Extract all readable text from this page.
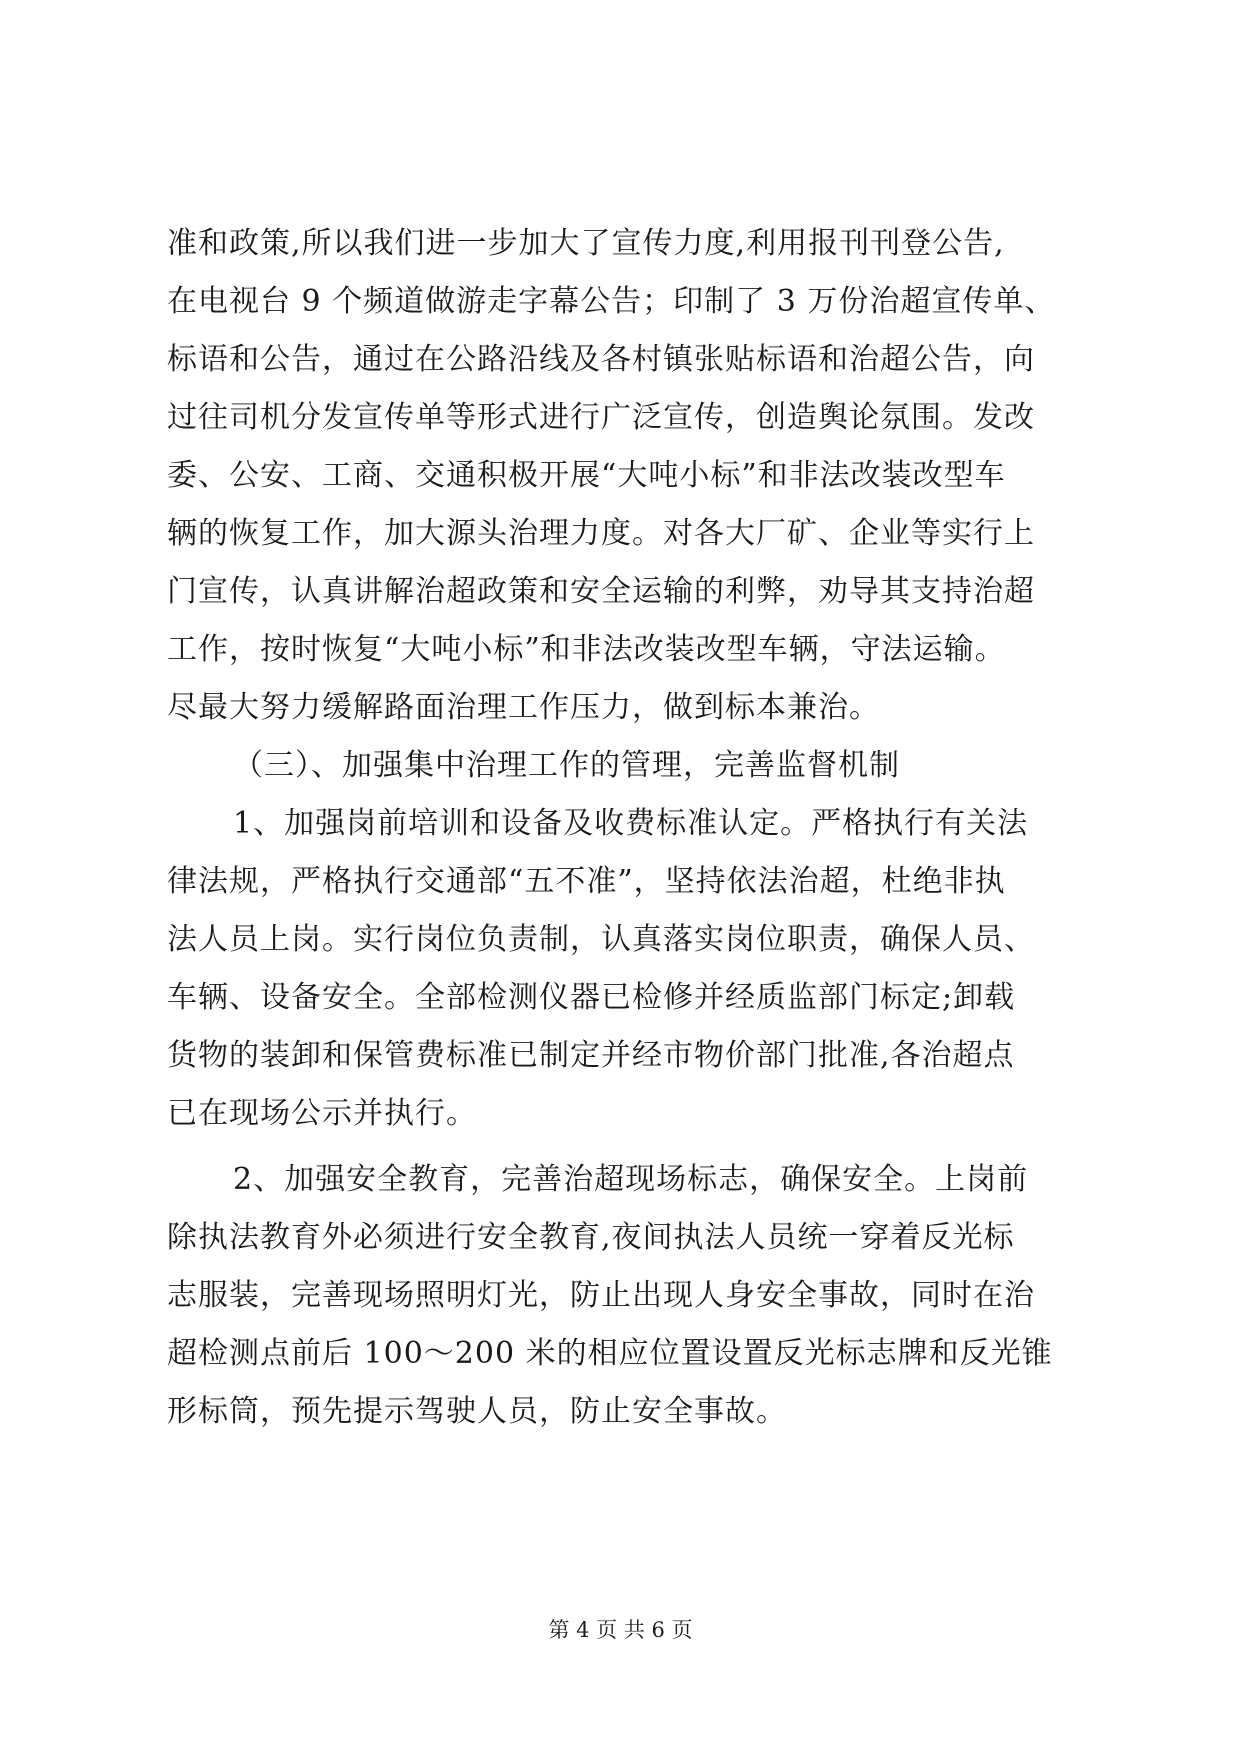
准和政策,所以我们进一步加大了宣传力度,利用报刊刊登公告,
在电视台 9 个频道做游走字幕公告；印制了 3 万份治超宣传单、
标语和公告，通过在公路沿线及各村镇张贴标语和治超公告，向
过往司机分发宣传单等形式进行广泛宣传，创造舆论氛围。发改
委、公安、工商、交通积极开展“大吨小标”和非法改装改型车
辆的恢复工作，加大源头治理力度。对各大厂矿、企业等实行上
门宣传，认真讲解治超政策和安全运输的利弊，劝导其支持治超
工作，按时恢复“大吨小标”和非法改装改型车辆，守法运输。
尽最大努力缓解路面治理工作压力，做到标本兼治。
（三）、加强集中治理工作的管理，完善监督机制
1、加强岗前培训和设备及收费标准认定。严格执行有关法
律法规，严格执行交通部“五不准”，坚持依法治超，杜绝非执
法人员上岗。实行岗位负责制，认真落实岗位职责，确保人员、
车辆、设备安全。全部检测仪器已检修并经质监部门标定;卸载
货物的装卸和保管费标准已制定并经市物价部门批准,各治超点
已在现场公示并执行。
2、加强安全教育，完善治超现场标志，确保安全。上岗前
除执法教育外必须进行安全教育,夜间执法人员统一穿着反光标
志服装，完善现场照明灯光，防止出现人身安全事故，同时在治
超检测点前后 100～200 米的相应位置设置反光标志牌和反光锥
形标筒，预先提示驾驶人员，防止安全事故。
第 4 页 共 6 页
